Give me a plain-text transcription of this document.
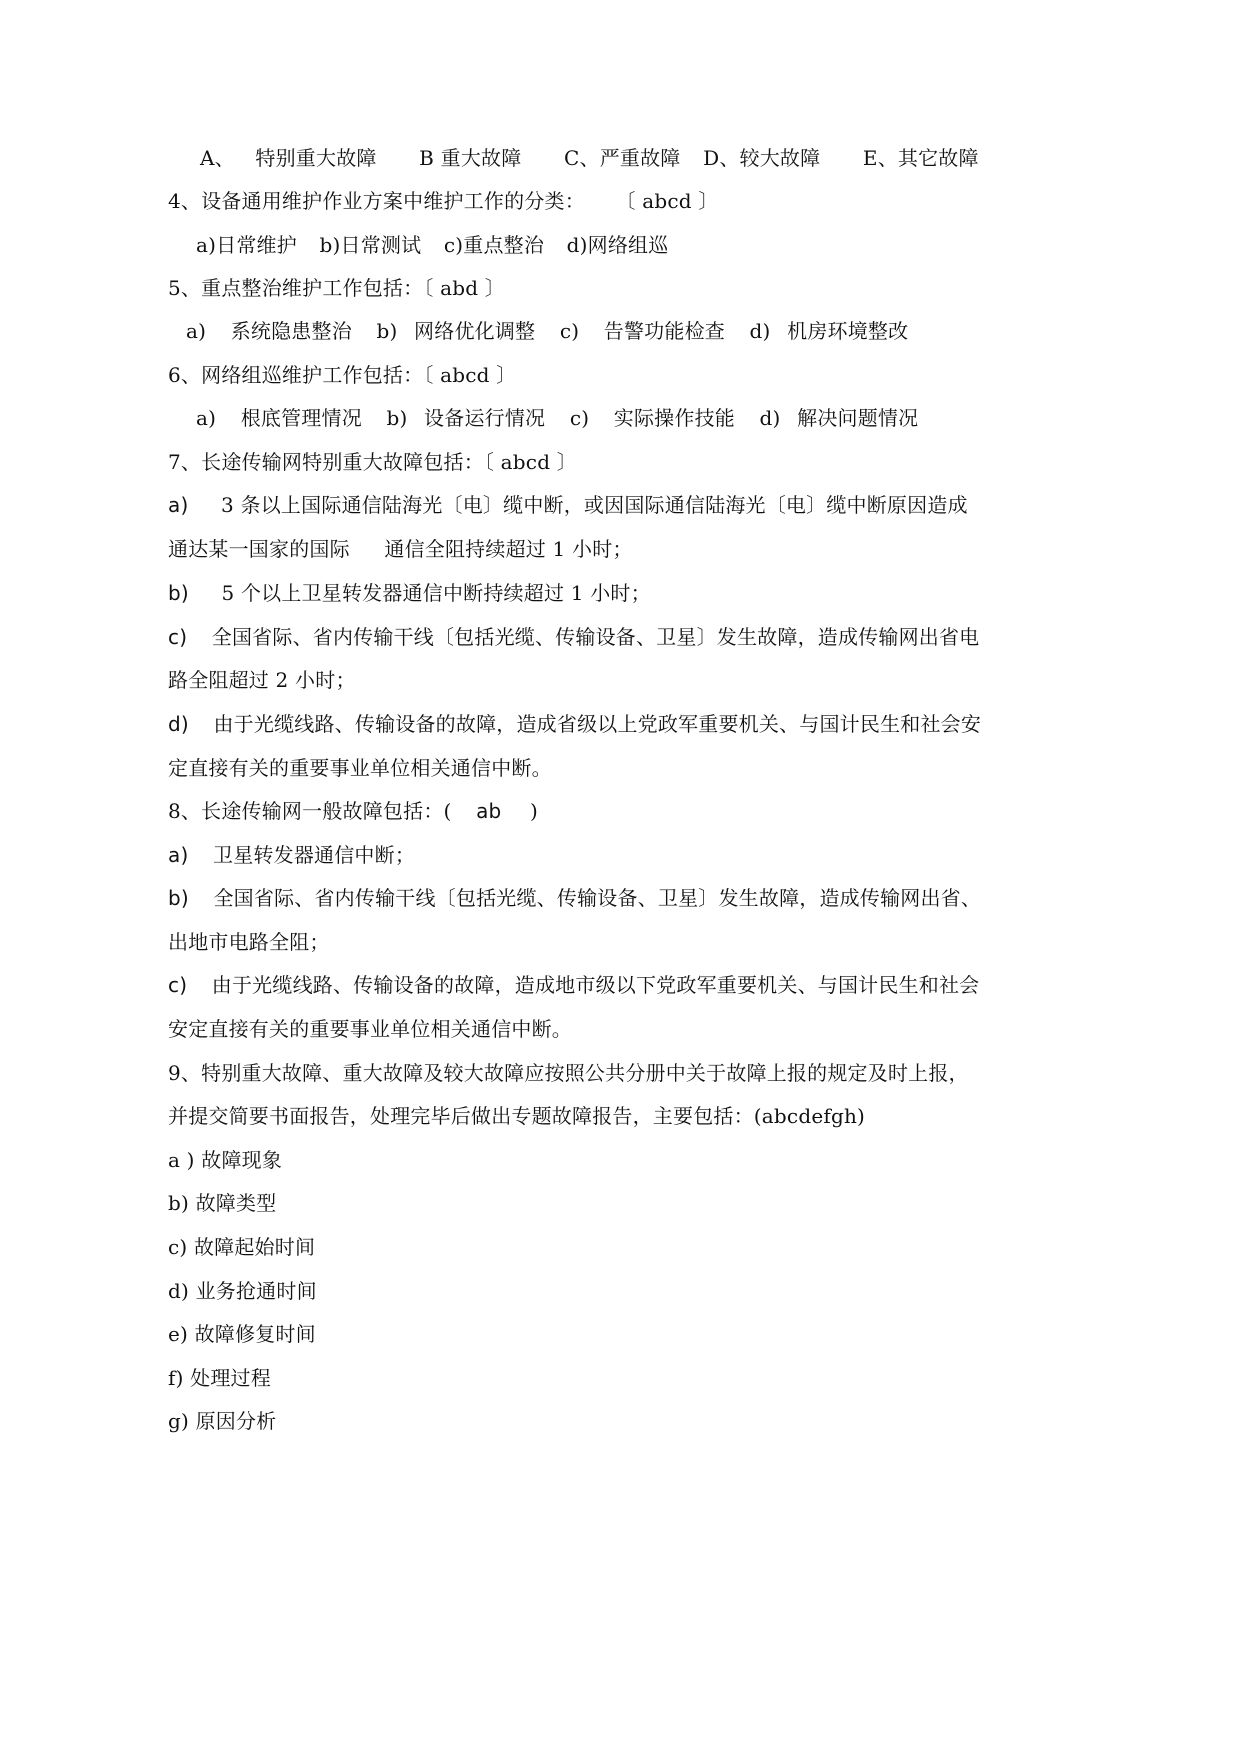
A、 特别重大故障 B 重大故障 C、严重故障 D、较大故障 E、其它故障
4、设备通用维护作业方案中维护工作的分类： 〔 abcd 〕
a)日常维护 b)日常测试 c)重点整治 d)网络组巡
5、重点整治维护工作包括：〔 abd 〕
a) 系统隐患整治 b) 网络优化调整 c) 告警功能检查 d) 机房环境整改
6、网络组巡维护工作包括：〔 abcd 〕
a) 根底管理情况 b) 设备运行情况 c) 实际操作技能 d) 解决问题情况
7、长途传输网特别重大故障包括：〔 abcd 〕
a) 3 条以上国际通信陆海光〔电〕缆中断，或因国际通信陆海光〔电〕缆中断原因造成
通达某一国家的国际 通信全阻持续超过 1 小时；
b) 5 个以上卫星转发器通信中断持续超过 1 小时；
c) 全国省际、省内传输干线〔包括光缆、传输设备、卫星〕发生故障，造成传输网出省电
路全阻超过 2 小时；
d) 由于光缆线路、传输设备的故障，造成省级以上党政军重要机关、与国计民生和社会安
定直接有关的重要事业单位相关通信中断。
8、长途传输网一般故障包括：( ab )
a) 卫星转发器通信中断；
b) 全国省际、省内传输干线〔包括光缆、传输设备、卫星〕发生故障，造成传输网出省、
出地市电路全阻；
c) 由于光缆线路、传输设备的故障，造成地市级以下党政军重要机关、与国计民生和社会
安定直接有关的重要事业单位相关通信中断。
9、特别重大故障、重大故障及较大故障应按照公共分册中关于故障上报的规定及时上报，
并提交简要书面报告，处理完毕后做出专题故障报告，主要包括：(abcdefgh)
a ) 故障现象
b) 故障类型
c) 故障起始时间
d) 业务抢通时间
e) 故障修复时间
f) 处理过程
g) 原因分析
